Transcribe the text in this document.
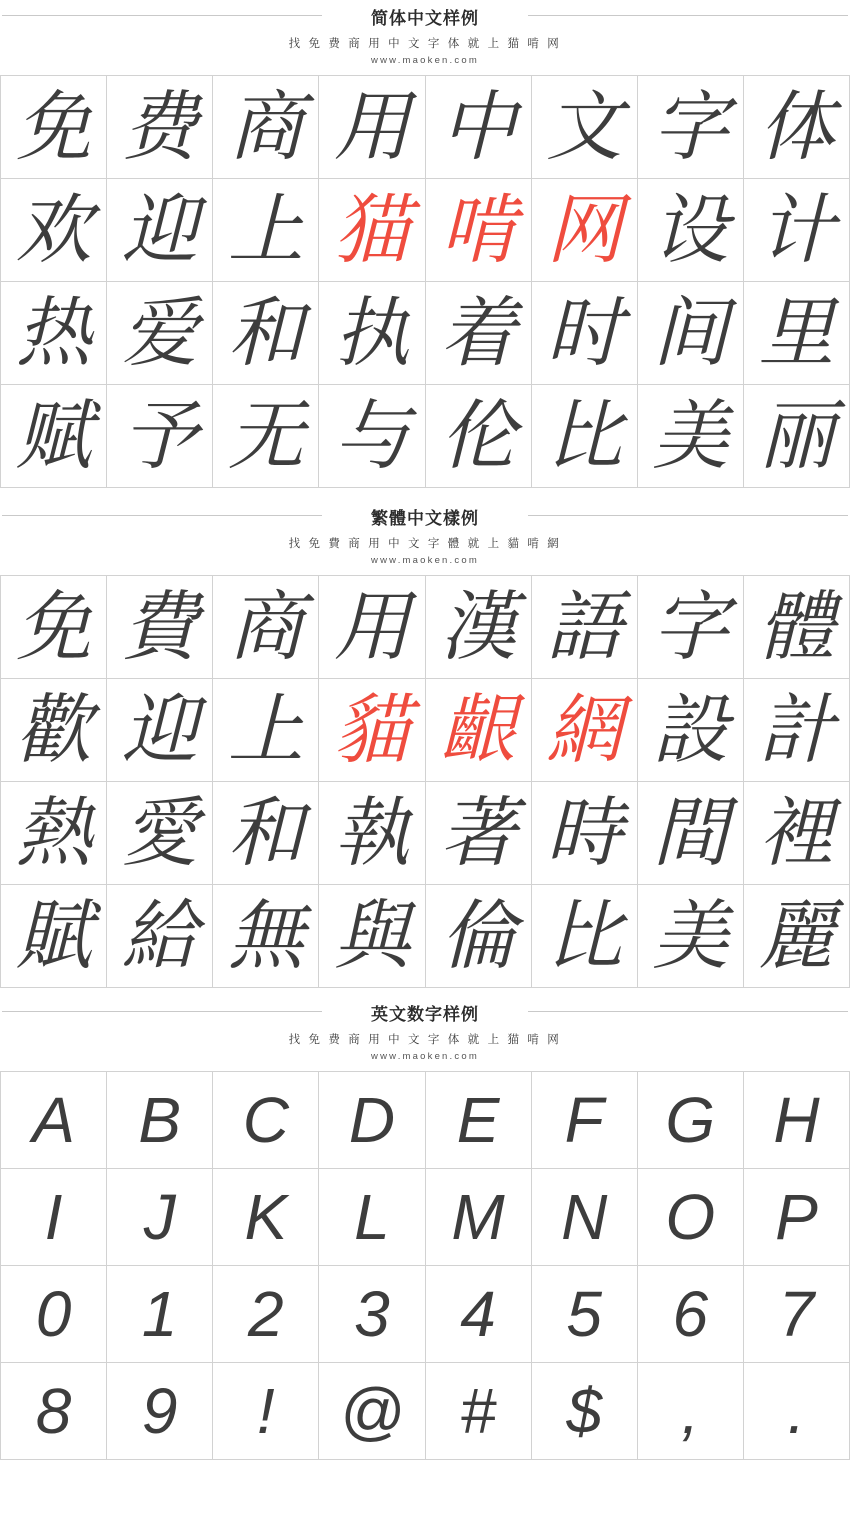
简体中文样例
找 免 费 商 用 中 文 字 体 就 上 猫 啃 网
www.maoken.com
免 费 商 用 中 文 字 体
欢 迎 上 猫 啃 网 设 计
热 爱 和 执 着 时 间 里
赋 予 无 与 伦 比 美 丽
繁體中文樣例
找 免 費 商 用 中 文 字 體 就 上 貓 啃 網
www.maoken.com
免 費 商 用 漢 語 字 體
歡 迎 上 貓 齦 網 設 計
熱 愛 和 執 著 時 間 裡
賦 給 無 與 倫 比 美 麗
英文数字样例
找 免 费 商 用 中 文 字 体 就 上 猫 啃 网
www.maoken.com
A B C D E	F G H
I	J	K	L M N O P
0	1	2	3	4	5	6	7
8	9	!	@ #	$	,	.
